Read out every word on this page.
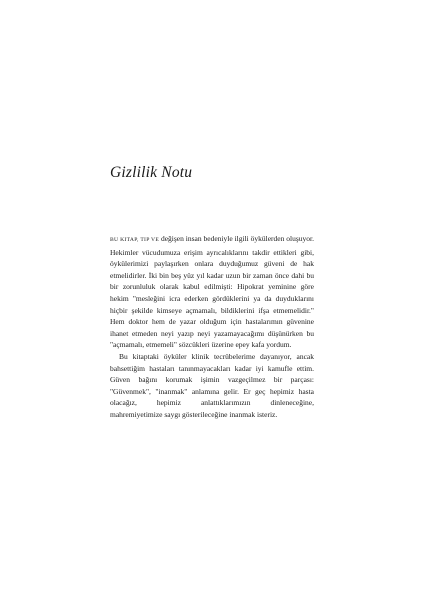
Gizlilik Notu

BU KITAP, TIP VE değişen insan bedeniyle ilgili öykülerden oluşuyor. Hekimler vücudumuza erişim ayrıcalıklarını takdir ettikleri gibi, öykülerimizi paylaşırken onlara duyduğumuz güveni de hak etmelidirler. İki bin beş yüz yıl kadar uzun bir zaman önce dahi bu bir zorunluluk olarak kabul edilmişti: Hipokrat yeminine göre hekim "mesleğini icra ederken gördüklerini ya da duyduklarını hiçbir şekilde kimseye açmamalı, bildiklerini ifşa etmemelidir." Hem doktor hem de yazar olduğum için hastalarımın güvenine ihanet etmeden neyi yazıp neyi yazamayacağımı düşünürken bu "açmamalı, etmemeli" sözcükleri üzerine epey kafa yordum.

Bu kitaptaki öyküler klinik tecrübelerime dayanıyor, ancak bahsettiğim hastaları tanınmayacakları kadar iyi kamufle ettim. Güven bağını korumak işimin vazgeçilmez bir parçası: "Güvenmek", "inanmak" anlamına gelir. Er geç hepimiz hasta olacağız, hepimiz anlattıklarımızın dinleneceğine, mahremiyetimize saygı gösterileceğine inanmak isteriz.
